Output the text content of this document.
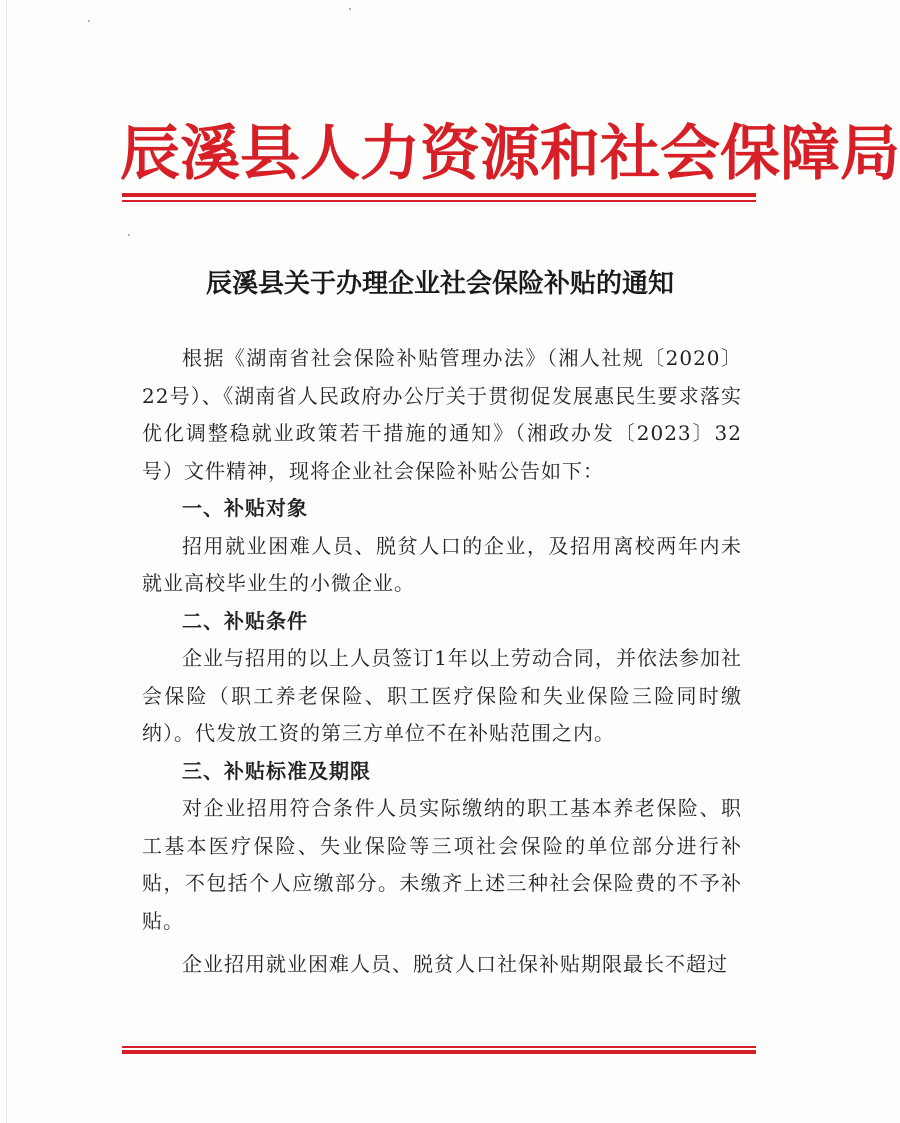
辰溪县人力资源和社会保障局
辰溪县关于办理企业社会保险补贴的通知

根据《湖南省社会保险补贴管理办法》（湘人社规〔2020〕22号）、《湖南省人民政府办公厅关于贯彻促发展惠民生要求落实优化调整稳就业政策若干措施的通知》（湘政办发〔2023〕32号）文件精神，现将企业社会保险补贴公告如下：

一、补贴对象

招用就业困难人员、脱贫人口的企业，及招用离校两年内未就业高校毕业生的小微企业。

二、补贴条件

企业与招用的以上人员签订1年以上劳动合同，并依法参加社会保险（职工养老保险、职工医疗保险和失业保险三险同时缴纳）。代发放工资的第三方单位不在补贴范围之内。

三、补贴标准及期限

对企业招用符合条件人员实际缴纳的职工基本养老保险、职工基本医疗保险、失业保险等三项社会保险的单位部分进行补贴，不包括个人应缴部分。未缴齐上述三种社会保险费的不予补贴。

企业招用就业困难人员、脱贫人口社保补贴期限最长不超过
